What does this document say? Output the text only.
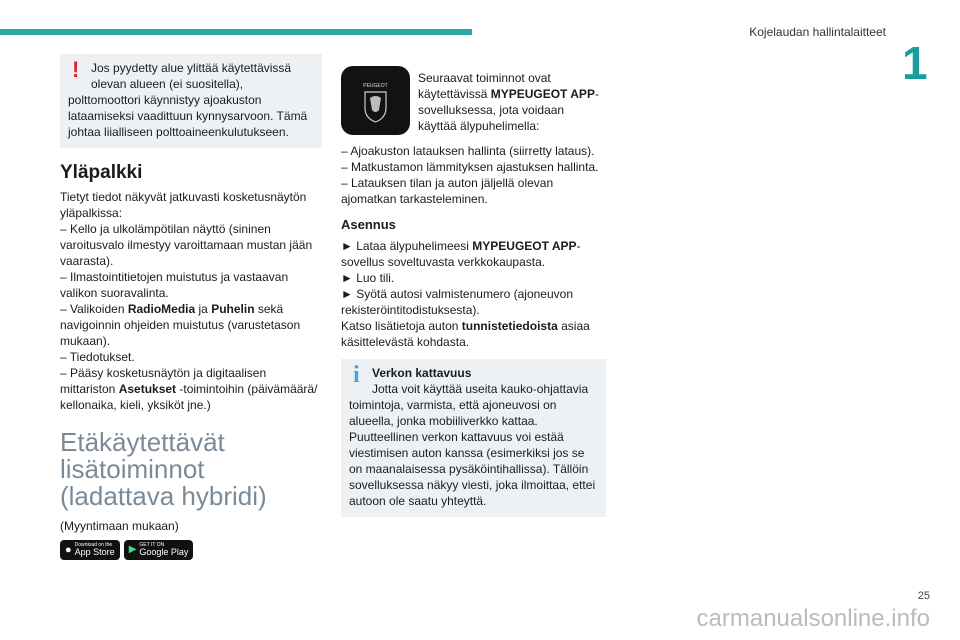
Kojelaudan hallintalaitteet
1
! Jos pyydetty alue ylittää käytettävissä

olevan alueen (ei suositella),

polttomoottori käynnistyy ajoakuston lataamiseksi vaadittuun kynnysarvoon. Tämä johtaa liialliseen polttoaineenkulutukseen.

Yläpalkki

Tietyt tiedot näkyvät jatkuvasti kosketusnäytön yläpalkissa:

– Kello ja ulkolämpötilan näyttö (sininen varoitusvalo ilmestyy varoittamaan mustan jään vaarasta).

– Ilmastointitietojen muistutus ja vastaavan valikon suoravalinta.

– Valikoiden RadioMedia ja Puhelin sekä navigoinnin ohjeiden muistutus (varustetason mukaan).

– Tiedotukset.

– Pääsy kosketusnäytön ja digitaalisen mittariston Asetukset -toimintoihin (päivämäärä/ kellonaika, kieli, yksiköt jne.)

Etäkäytettävät lisätoiminnot (ladattava hybridi)

(Myyntimaan mukaan)

● Download on the
App Store ▶ GET IT ON
Google Play
PEUGEOT
Seuraavat toiminnot ovat käytettävissä MYPEUGEOT APP-sovelluksessa, jota voidaan käyttää älypuhelimella:

– Ajoakuston latauksen hallinta (siirretty lataus).

– Matkustamon lämmityksen ajastuksen hallinta.

– Latauksen tilan ja auton jäljellä olevan ajomatkan tarkasteleminen.

Asennus

► Lataa älypuhelimeesi MYPEUGEOT APP-sovellus soveltuvasta verkkokaupasta.

► Luo tili.

► Syötä autosi valmistenumero (ajoneuvon rekisteröintitodistuksesta).

Katso lisätietoja auton tunnistetiedoista asiaa käsittelevästä kohdasta.

i Verkon kattavuus

Jotta voit käyttää useita kauko-ohjattavia

toimintoja, varmista, että ajoneuvosi on alueella, jonka mobiiliverkko kattaa. Puutteellinen verkon kattavuus voi estää viestimisen auton kanssa (esimerkiksi jos se on maanalaisessa pysäköintihallissa). Tällöin sovelluksessa näkyy viesti, joka ilmoittaa, ettei autoon ole saatu yhteyttä.

carmanualsonline.info
25
